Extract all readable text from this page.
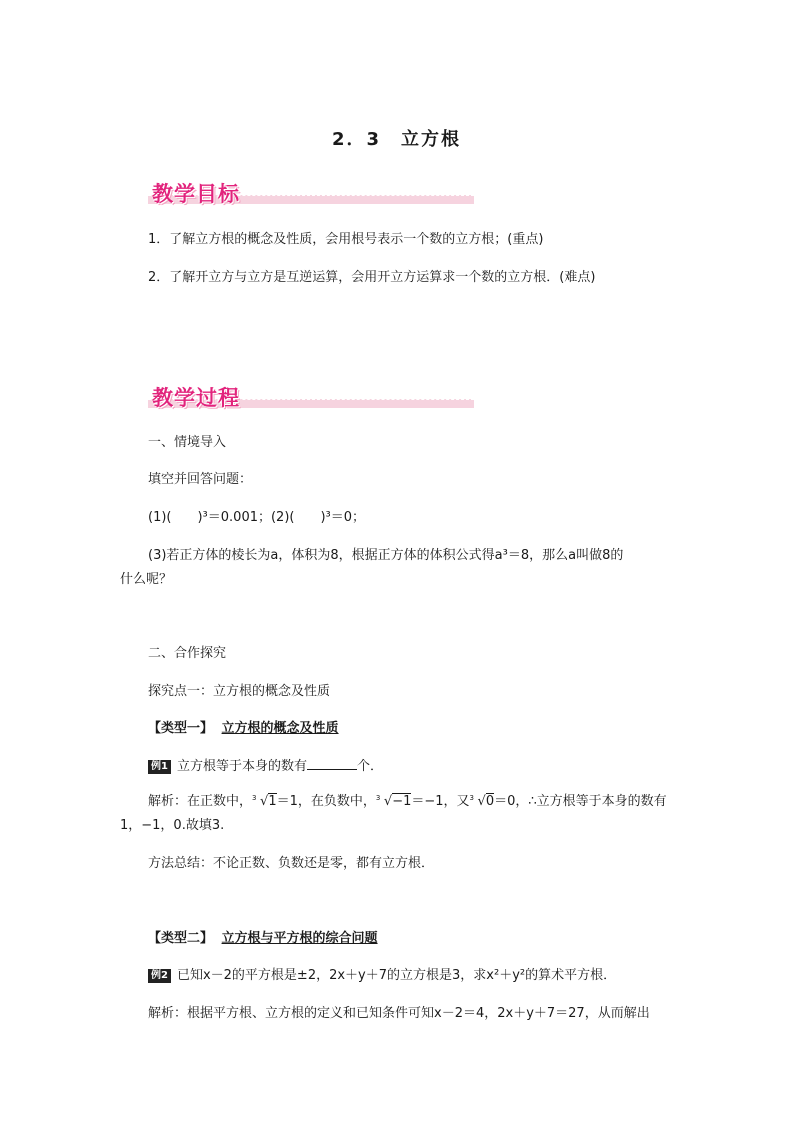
2．3　立方根
教学目标
1．了解立方根的概念及性质，会用根号表示一个数的立方根；(重点)
2．了解开立方与立方是互逆运算，会用开立方运算求一个数的立方根．(难点)
教学过程
一、情境导入
填空并回答问题：
(1)(　　)³＝0.001；(2)(　　)³＝0；
(3)若正方体的棱长为a，体积为8，根据正方体的体积公式得a³＝8，那么a叫做8的
什么呢？
二、合作探究
探究点一：立方根的概念及性质
【类型一】 立方根的概念及性质
例1 立方根等于本身的数有	个．
解析：在正数中， 3 √1＝1，在负数中， 3 √−1＝−1，又 3 √0＝0，∴立方根等于本身的数有
1，−1，0.故填3.
方法总结：不论正数、负数还是零，都有立方根．
【类型二】 立方根与平方根的综合问题
例2 已知x－2的平方根是±2，2x＋y＋7的立方根是3，求x²＋y²的算术平方根．
解析：根据平方根、立方根的定义和已知条件可知x－2＝4，2x＋y＋7＝27，从而解出
